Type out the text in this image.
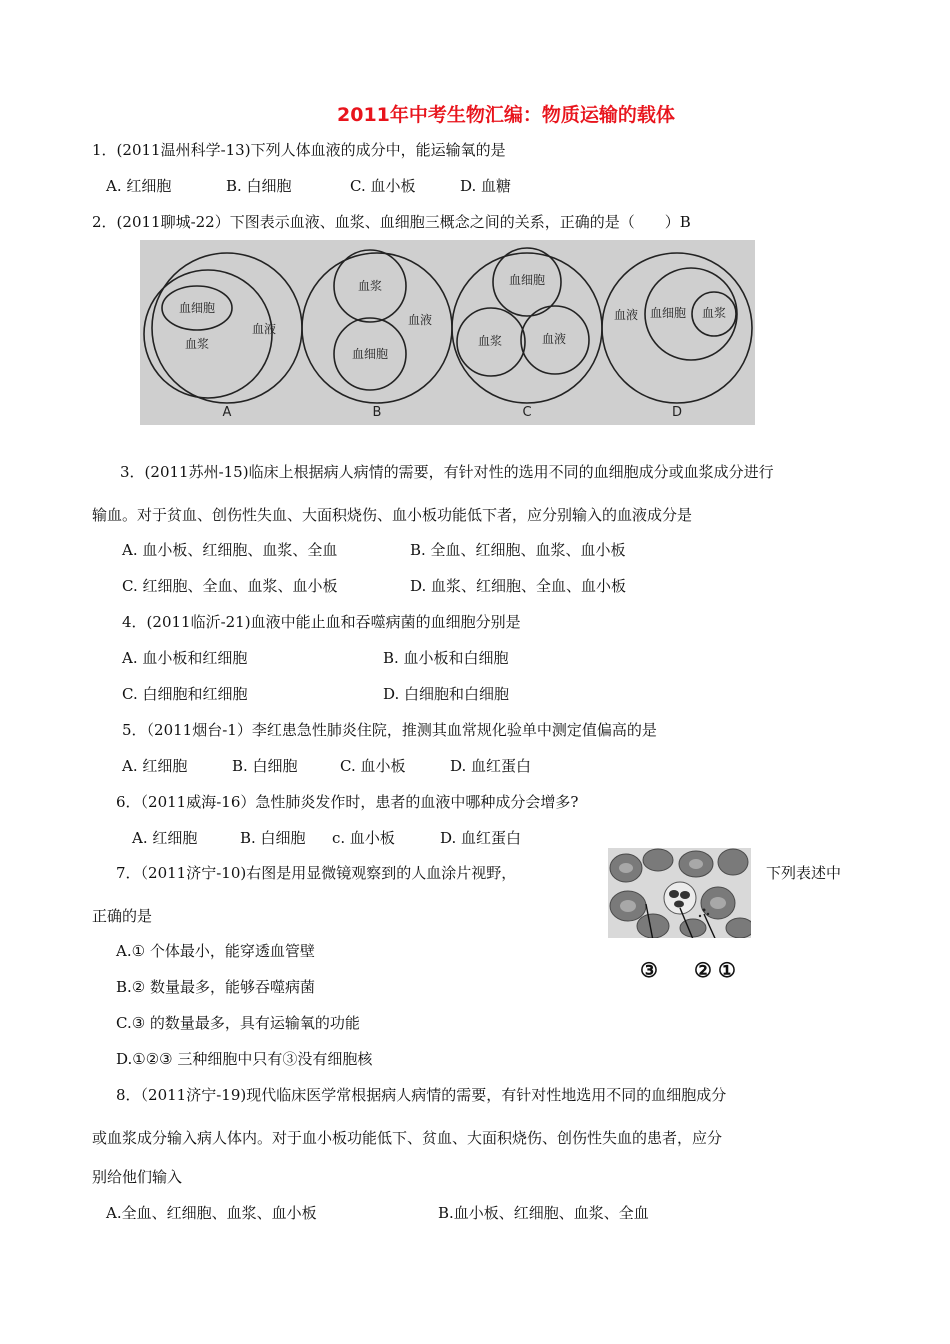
2011年中考生物汇编：物质运输的载体
1．(2011温州科学-13)下列人体血液的成分中，能运输氧的是
A. 红细胞	B. 白细胞	C. 血小板	D. 血糖
2．(2011聊城-22）下图表示血液、血浆、血细胞三概念之间的关系，正确的是（　　）B
血细胞
血浆
血液
血浆
血细胞
血液
血细胞
血浆	血液
血液 血细胞 血浆
A	B	C	D
3．(2011苏州-15)临床上根据病人病情的需要，有针对性的选用不同的血细胞成分或血浆成分进行
输血。对于贫血、创伤性失血、大面积烧伤、血小板功能低下者，应分别输入的血液成分是
A. 血小板、红细胞、血浆、全血	B. 全血、红细胞、血浆、血小板
C. 红细胞、全血、血浆、血小板	D. 血浆、红细胞、全血、血小板
4．(2011临沂-21)血液中能止血和吞噬病菌的血细胞分别是
A. 血小板和红细胞	B. 血小板和白细胞
C. 白细胞和红细胞	D. 白细胞和白细胞
5．（2011烟台-1）李红患急性肺炎住院，推测其血常规化验单中测定值偏高的是
A. 红细胞	B. 白细胞	C. 血小板	D. 血红蛋白
6．（2011威海-16）急性肺炎发作时，患者的血液中哪种成分会增多?
A. 红细胞	B. 白细胞 c. 血小板	D. 血红蛋白
7．（2011济宁-10)右图是用显微镜观察到的人血涂片视野，	下列表述中
正确的是
③ ② ①
A.① 个体最小，能穿透血管壁
B.② 数量最多，能够吞噬病菌
C.③ 的数量最多，具有运输氧的功能
D.①②③ 三种细胞中只有③没有细胞核
8．（2011济宁-19)现代临床医学常根据病人病情的需要，有针对性地选用不同的血细胞成分
或血浆成分输入病人体内。对于血小板功能低下、贫血、大面积烧伤、创伤性失血的患者，应分
别给他们输入
A.全血、红细胞、血浆、血小板	B.血小板、红细胞、血浆、全血
